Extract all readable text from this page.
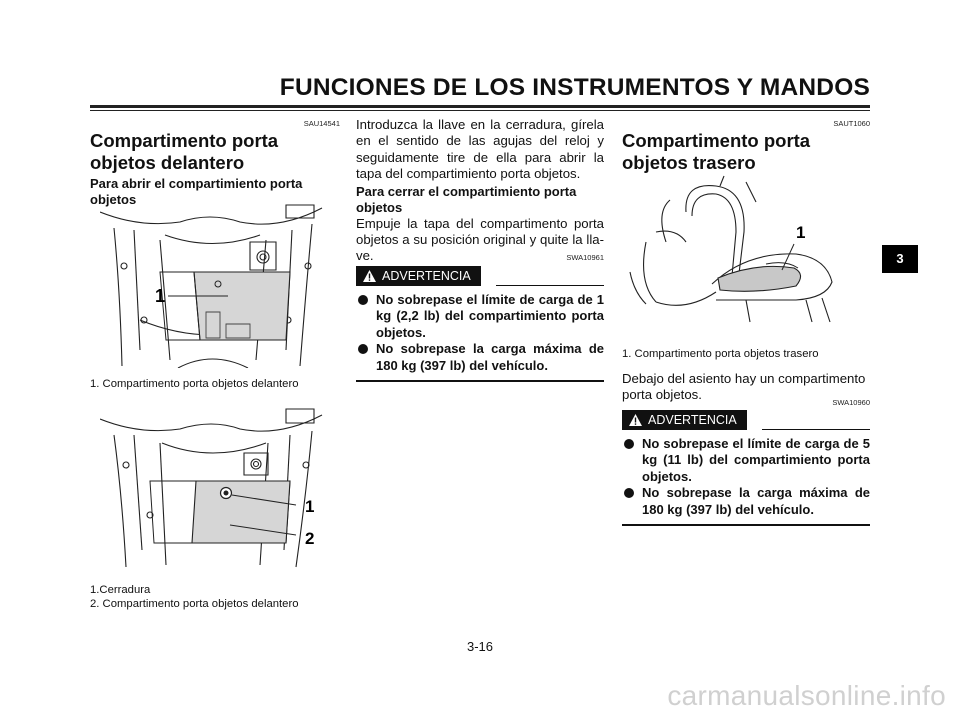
FUNCIONES DE LOS INSTRUMENTOS Y MANDOS
SAU14541
Compartimento porta objetos delantero
Para abrir el compartimiento porta objetos
1
1. Compartimento porta objetos delantero
1
2
1.Cerradura
2. Compartimento porta objetos delantero
Introduzca la llave en la cerradura, gírela en el sentido de las agujas del reloj y seguidamente tire de ella para abrir la tapa del compartimiento porta objetos.
Para cerrar el compartimiento porta objetos
Empuje la tapa del compartimento porta objetos a su posición original y quite la lla- ve.	SWA10961
ADVERTENCIA
No sobrepase el límite de carga de 1 kg (2,2 lb) del compartimiento porta objetos.
No sobrepase la carga máxima de 180 kg (397 lb) del vehículo.
SAUT1060
Compartimento porta objetos trasero
1
1. Compartimento porta objetos trasero
Debajo del asiento hay un compartimento porta objetos.	SWA10960
ADVERTENCIA
No sobrepase el límite de carga de 5 kg (11 lb) del compartimiento porta objetos.
No sobrepase la carga máxima de 180 kg (397 lb) del vehículo.
3
3-16
carmanualsonline.info
